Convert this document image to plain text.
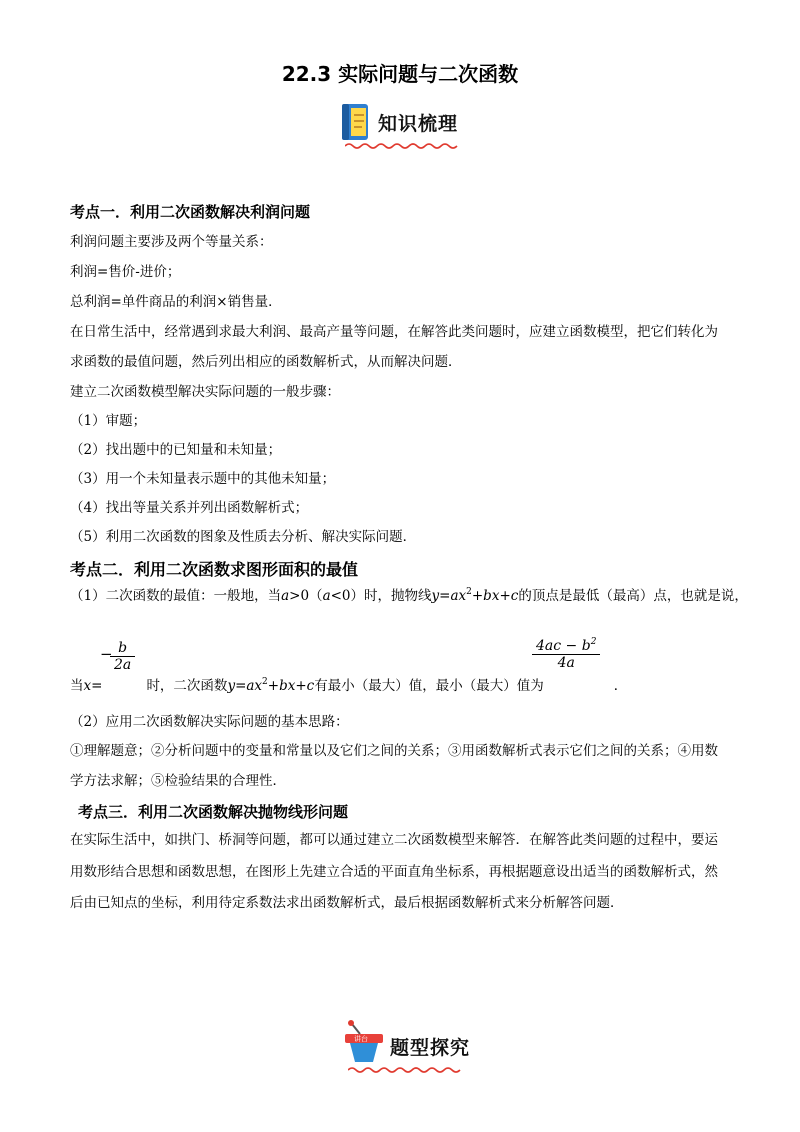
22.3 实际问题与二次函数
知识梳理
考点一．利用二次函数解决利润问题
利润问题主要涉及两个等量关系：
利润=售价-进价；
总利润=单件商品的利润×销售量．
在日常生活中，经常遇到求最大利润、最高产量等问题，在解答此类问题时，应建立函数模型，把它们转化为
求函数的最值问题，然后列出相应的函数解析式，从而解决问题．
建立二次函数模型解决实际问题的一般步骤：
（1）审题；
（2）找出题中的已知量和未知量；
（3）用一个未知量表示题中的其他未知量；
（4）找出等量关系并列出函数解析式；
（5）利用二次函数的图象及性质去分析、解决实际问题．
考点二．利用二次函数求图形面积的最值
（1）二次函数的最值：一般地，当a>0（a<0）时，抛物线$y=ax^2+bx+c$的顶点是最低（最高）点，也就是说，
− b
2a
$4ac - b^2$
4a
当x=	时，二次函数$y=ax^2+bx+c$有最小（最大）值，最小（最大）值为	．
（2）应用二次函数解决实际问题的基本思路：
①理解题意；②分析问题中的变量和常量以及它们之间的关系；③用函数解析式表示它们之间的关系；④用数
学方法求解；⑤检验结果的合理性．
考点三．利用二次函数解决抛物线形问题
在实际生活中，如拱门、桥洞等问题，都可以通过建立二次函数模型来解答．在解答此类问题的过程中，要运
用数形结合思想和函数思想，在图形上先建立合适的平面直角坐标系，再根据题意设出适当的函数解析式，然
后由已知点的坐标，利用待定系数法求出函数解析式，最后根据函数解析式来分析解答问题．
讲台 题型探究
